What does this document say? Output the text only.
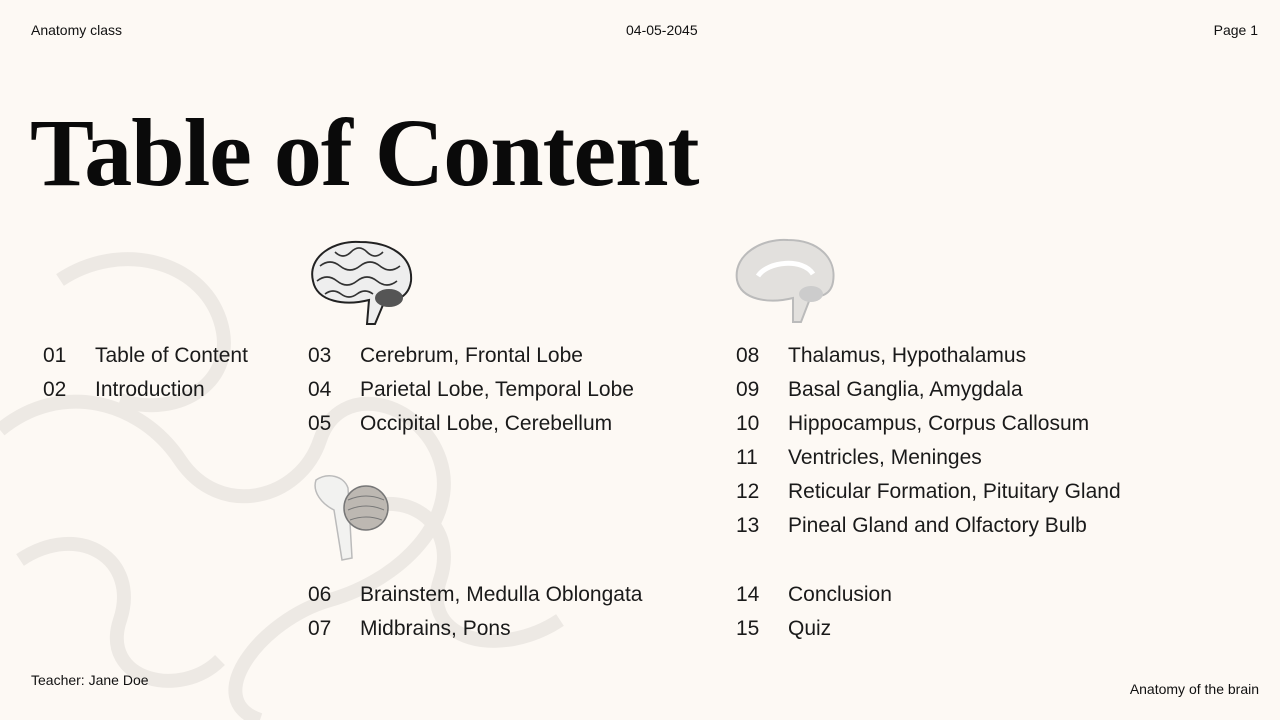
Anatomy class	04-05-2045	Page 1
Table of Content
01 Table of Content
02 Introduction
03 Cerebrum, Frontal Lobe
04 Parietal Lobe, Temporal Lobe
05 Occipital Lobe, Cerebellum
06 Brainstem, Medulla Oblongata
07 Midbrains, Pons
08 Thalamus, Hypothalamus
09 Basal Ganglia, Amygdala
10 Hippocampus, Corpus Callosum
11 Ventricles, Meninges
12 Reticular Formation, Pituitary Gland
13 Pineal Gland and Olfactory Bulb
14 Conclusion
15 Quiz
Teacher: Jane Doe
Anatomy of the brain
